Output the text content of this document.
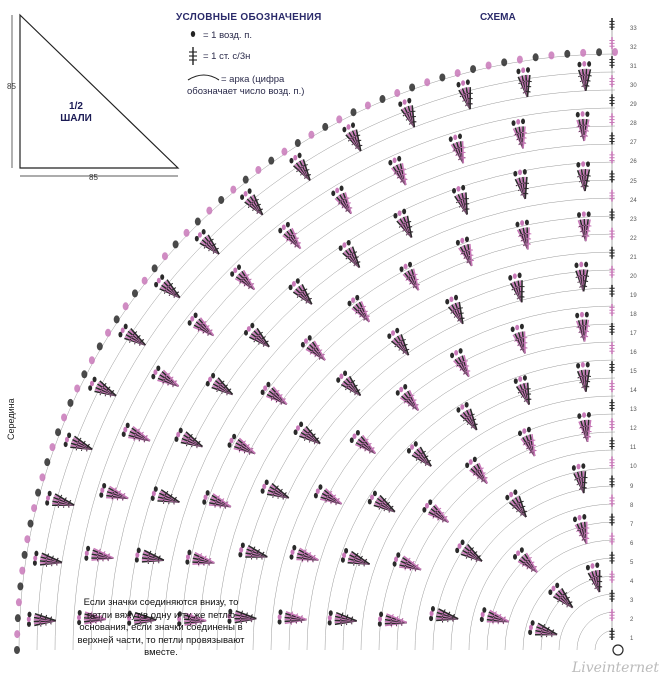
УСЛОВНЫЕ ОБОЗНАЧЕНИЯ	СХЕМА
= 1 возд. п.
= 1 ст. с/3н
= арка (цифра
обозначает число возд. п.)
1/2
ШАЛИ
85
85
Середина
Если значки соединяются внизу, то петли вяжут в одну и ту же петлю основания, если значки соединены в верхней части, то петли провязывают вместе.
1
2
3
4
5
6
7
8
9
10
11
12
13
14
15
16
17
18
19
20
21
22
23
24
25
26
27
28
29
30
31
32
33
Liveinternet
